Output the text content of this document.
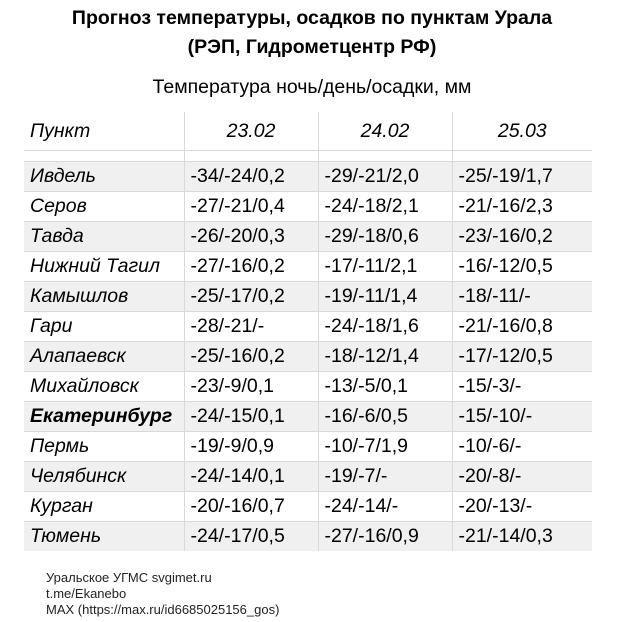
Прогноз температуры, осадков по пунктам Урала
(РЭП, Гидрометцентр РФ)
Температура ночь/день/осадки, мм
Пункт	23.02	24.02	25.03

Ивдель	-34/-24/0,2	-29/-21/2,0	-25/-19/1,7
Серов	-27/-21/0,4	-24/-18/2,1	-21/-16/2,3
Тавда	-26/-20/0,3	-29/-18/0,6	-23/-16/0,2
Нижний Тагил	-27/-16/0,2	-17/-11/2,1	-16/-12/0,5
Камышлов	-25/-17/0,2	-19/-11/1,4	-18/-11/-
Гари	-28/-21/-	-24/-18/1,6	-21/-16/0,8
Алапаевск	-25/-16/0,2	-18/-12/1,4	-17/-12/0,5
Михайловск	-23/-9/0,1	-13/-5/0,1	-15/-3/-
Екатеринбург	-24/-15/0,1	-16/-6/0,5	-15/-10/-
Пермь	-19/-9/0,9	-10/-7/1,9	-10/-6/-
Челябинск	-24/-14/0,1	-19/-7/-	-20/-8/-
Курган	-20/-16/0,7	-24/-14/-	-20/-13/-
Тюмень	-24/-17/0,5	-27/-16/0,9	-21/-14/0,3
Уральское УГМС svgimet.ru
t.me/Ekanebo
MAX (https://max.ru/id6685025156_gos)
